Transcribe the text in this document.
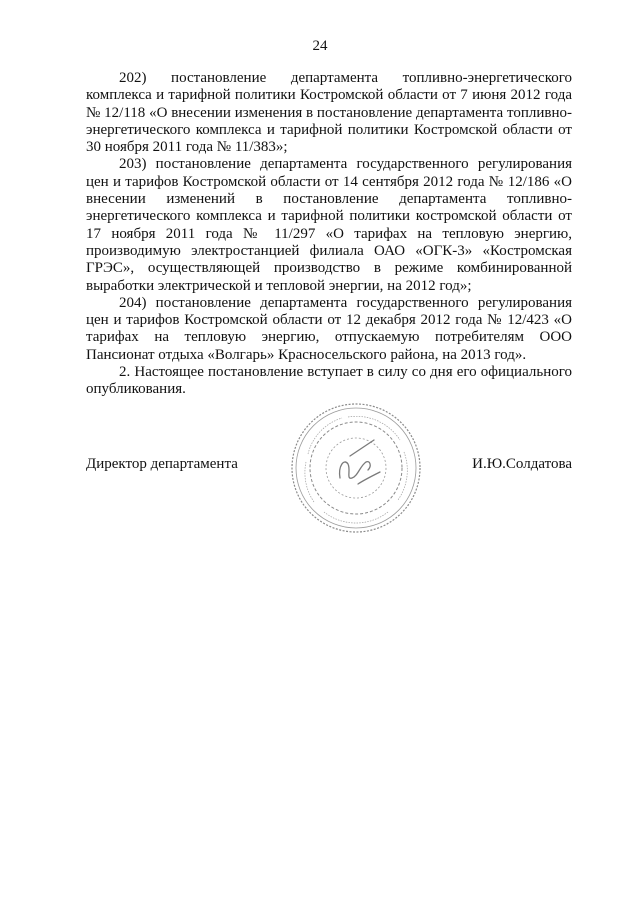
24

202) постановление департамента топливно-энергетического комплекса и тарифной политики Костромской области от 7 июня 2012 года № 12/118 «О внесении изменения в постановление департамента топливно-энергетического комплекса и тарифной политики Костромской области от 30 ноября 2011 года № 11/383»;

203) постановление департамента государственного регулирования цен и тарифов Костромской области от 14 сентября 2012 года № 12/186 «О внесении изменений в постановление департамента топливно-энергетического комплекса и тарифной политики костромской области от 17 ноября 2011 года № 11/297 «О тарифах на тепловую энергию, производимую электростанцией филиала ОАО «ОГК-3» «Костромская ГРЭС», осуществляющей производство в режиме комбинированной выработки электрической и тепловой энергии, на 2012 год»;

204) постановление департамента государственного регулирования цен и тарифов Костромской области от 12 декабря 2012 года № 12/423 «О тарифах на тепловую энергию, отпускаемую потребителям ООО Пансионат отдыха «Волгарь» Красносельского района, на 2013 год».

2. Настоящее постановление вступает в силу со дня его официального опубликования.

Директор департамента	И.Ю.Солдатова
